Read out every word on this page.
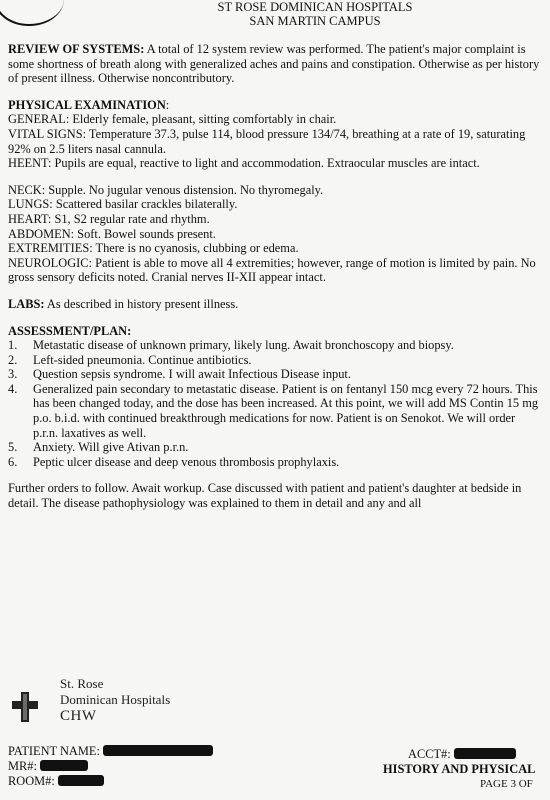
ST ROSE DOMINICAN HOSPITALS
SAN MARTIN CAMPUS

REVIEW OF SYSTEMS: A total of 12 system review was performed. The patient's major complaint is some shortness of breath along with generalized aches and pains and constipation. Otherwise as per history of present illness. Otherwise noncontributory.

PHYSICAL EXAMINATION:
GENERAL: Elderly female, pleasant, sitting comfortably in chair.
VITAL SIGNS: Temperature 37.3, pulse 114, blood pressure 134/74, breathing at a rate of 19, saturating 92% on 2.5 liters nasal cannula.
HEENT: Pupils are equal, reactive to light and accommodation. Extraocular muscles are intact.
NECK: Supple. No jugular venous distension. No thyromegaly.
LUNGS: Scattered basilar crackles bilaterally.
HEART: S1, S2 regular rate and rhythm.
ABDOMEN: Soft. Bowel sounds present.
EXTREMITIES: There is no cyanosis, clubbing or edema.
NEUROLOGIC: Patient is able to move all 4 extremities; however, range of motion is limited by pain. No gross sensory deficits noted. Cranial nerves II-XII appear intact.

LABS: As described in history present illness.

ASSESSMENT/PLAN:
1.	Metastatic disease of unknown primary, likely lung. Await bronchoscopy and biopsy.
2.	Left-sided pneumonia. Continue antibiotics.
3.	Question sepsis syndrome. I will await Infectious Disease input.
4.	Generalized pain secondary to metastatic disease. Patient is on fentanyl 150 mcg every 72 hours. This has been changed today, and the dose has been increased. At this point, we will add MS Contin 15 mg p.o. b.i.d. with continued breakthrough medications for now. Patient is on Senokot. We will order p.r.n. laxatives as well.
5.	Anxiety. Will give Ativan p.r.n.
6.	Peptic ulcer disease and deep venous thrombosis prophylaxis.

Further orders to follow. Await workup. Case discussed with patient and patient's daughter at bedside in detail. The disease pathophysiology was explained to them in detail and any and all

St. Rose
Dominican Hospitals
CHW
PATIENT NAME:
MR#:
ROOM#:
ACCT#:
HISTORY AND PHYSICAL
PAGE 3 OF
